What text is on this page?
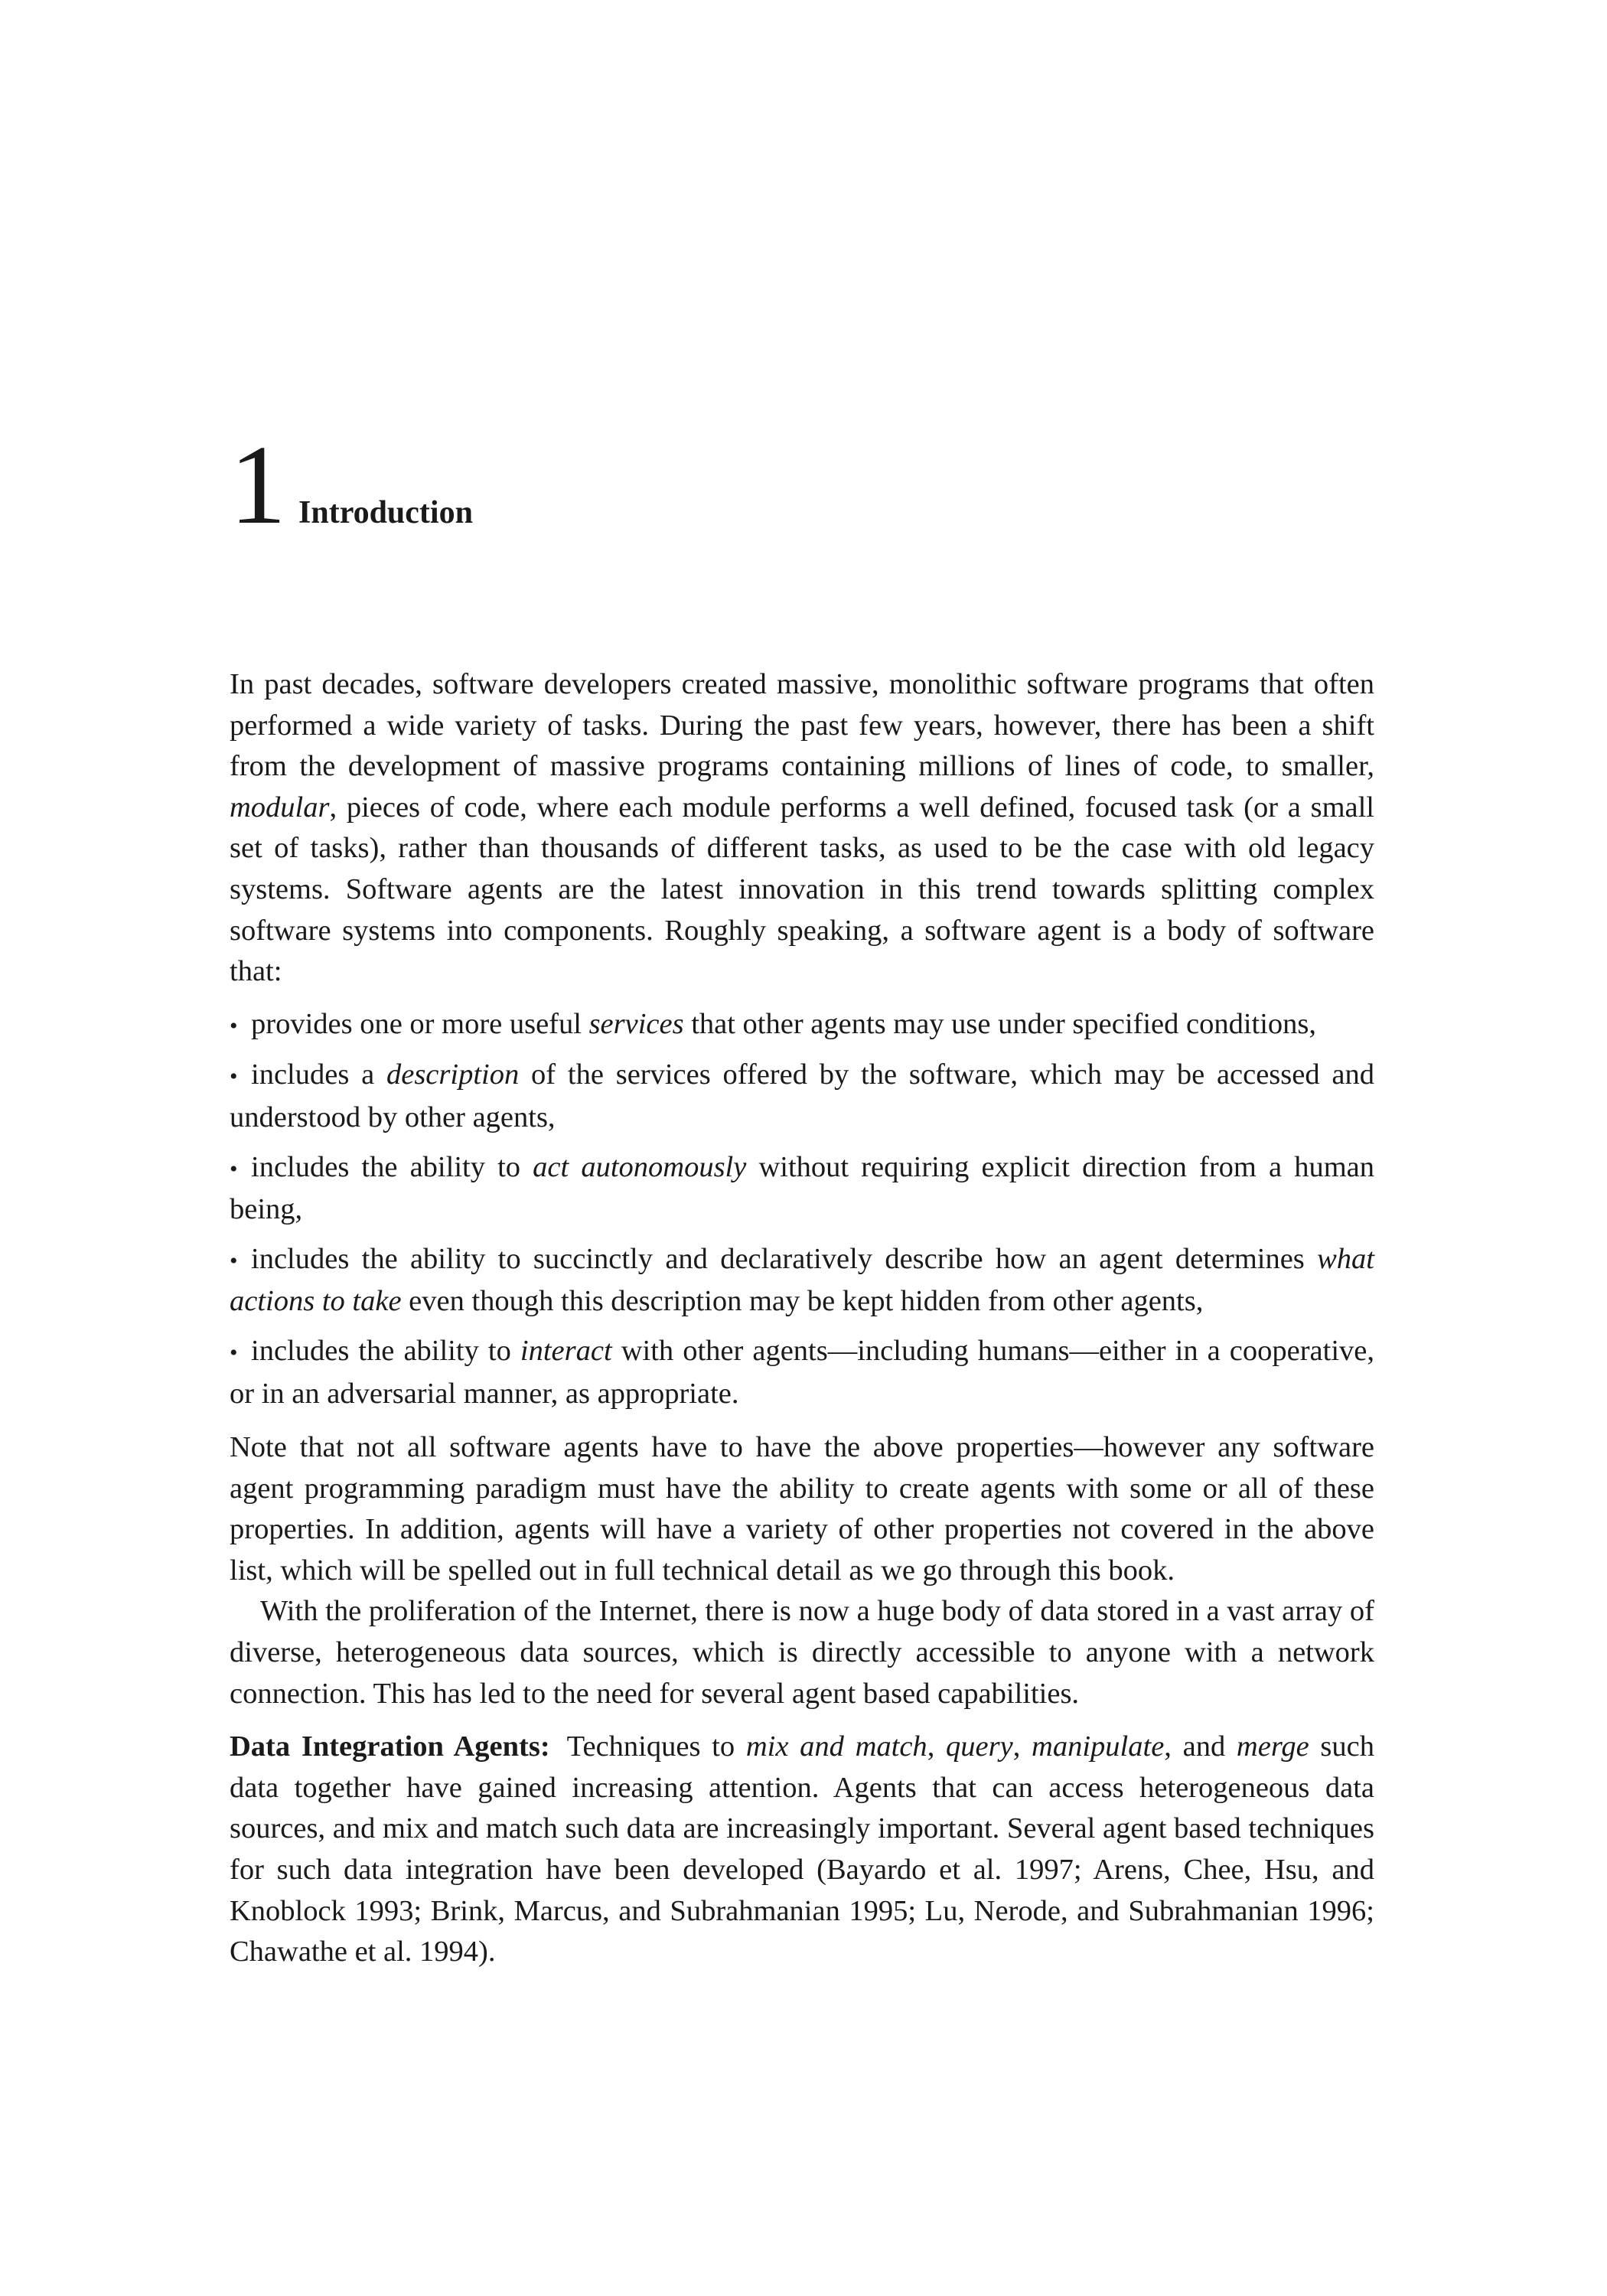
1 Introduction

In past decades, software developers created massive, monolithic software programs that often performed a wide variety of tasks. During the past few years, however, there has been a shift from the development of massive programs containing millions of lines of code, to smaller, modular, pieces of code, where each module performs a well defined, focused task (or a small set of tasks), rather than thousands of different tasks, as used to be the case with old legacy systems. Software agents are the latest innovation in this trend towards splitting complex software systems into components. Roughly speaking, a software agent is a body of software that:

• provides one or more useful services that other agents may use under specified conditions,
• includes a description of the services offered by the software, which may be accessed and understood by other agents,
• includes the ability to act autonomously without requiring explicit direction from a human being,
• includes the ability to succinctly and declaratively describe how an agent determines what actions to take even though this description may be kept hidden from other agents,
• includes the ability to interact with other agents—including humans—either in a cooperative, or in an adversarial manner, as appropriate.

Note that not all software agents have to have the above properties—however any software agent programming paradigm must have the ability to create agents with some or all of these properties. In addition, agents will have a variety of other properties not covered in the above list, which will be spelled out in full technical detail as we go through this book.

With the proliferation of the Internet, there is now a huge body of data stored in a vast array of diverse, heterogeneous data sources, which is directly accessible to anyone with a network connection. This has led to the need for several agent based capabilities.

Data Integration Agents: Techniques to mix and match, query, manipulate, and merge such data together have gained increasing attention. Agents that can access heterogeneous data sources, and mix and match such data are increasingly important. Several agent based techniques for such data integration have been developed (Bayardo et al. 1997; Arens, Chee, Hsu, and Knoblock 1993; Brink, Marcus, and Subrahmanian 1995; Lu, Nerode, and Subrahmanian 1996; Chawathe et al. 1994).
